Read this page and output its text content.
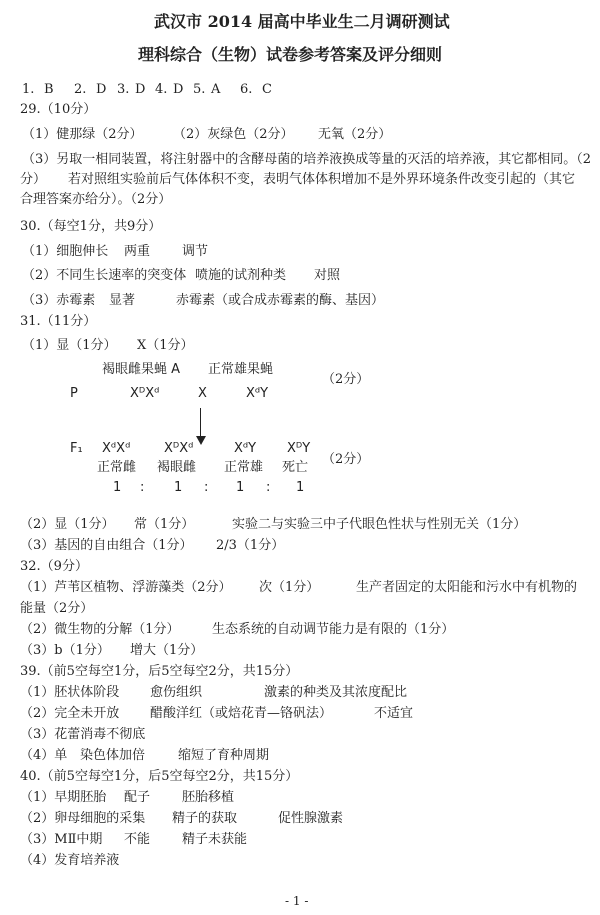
武汉市 2014 届高中毕业生二月调研测试
理科综合（生物）试卷参考答案及评分细则
1. B 2. D 3. D 4. D 5. A 6. C
29.（10分）
（1）健那绿（2分） （2）灰绿色（2分） 无氧（2分）
（3）另取一相同装置，将注射器中的含酵母菌的培养液换成等量的灭活的培养液，其它都相同。（2
分） 若对照组实验前后气体体积不变，表明气体体积增加不是外界环境条件改变引起的（其它
合理答案亦给分）。（2分）
30.（每空1分，共9分）
（1）细胞伸长 两重 调节
（2）不同生长速率的突变体 喷施的试剂种类 对照
（3）赤霉素 显著	赤霉素（或合成赤霉素的酶、基因）
31.（11分）
（1）显（1分） X（1分）
褐眼雌果蝇 A 正常雄果蝇
（2分）
P	XᴰXᵈ	X	XᵈY
F₁ XᵈXᵈ	XᴰXᵈ	XᵈY XᴰY
（2分）
正常雌 褐眼雌 正常雄 死亡
1 : 1 : 1 : 1
（2）显（1分） 常（1分）	实验二与实验三中子代眼色性状与性别无关（1分）
（3）基因的自由组合（1分） 2/3（1分）
32.（9分）
（1）芦苇区植物、浮游藻类（2分） 次（1分）	生产者固定的太阳能和污水中有机物的
能量（2分）
（2）微生物的分解（1分） 生态系统的自动调节能力是有限的（1分）
（3）b（1分） 增大（1分）
39.（前5空每空1分，后5空每空2分，共15分）
（1）胚状体阶段 愈伤组织	激素的种类及其浓度配比
（2）完全未开放 醋酸洋红（或焙花青—铬矾法）	不适宜
（3）花蕾消毒不彻底
（4）单 染色体加倍	缩短了育种周期
40.（前5空每空1分，后5空每空2分，共15分）
（1）早期胚胎 配子 胚胎移植
（2）卵母细胞的采集 精子的获取	促性腺激素
（3）MⅡ中期 不能 精子未获能
（4）发育培养液
- 1 -
